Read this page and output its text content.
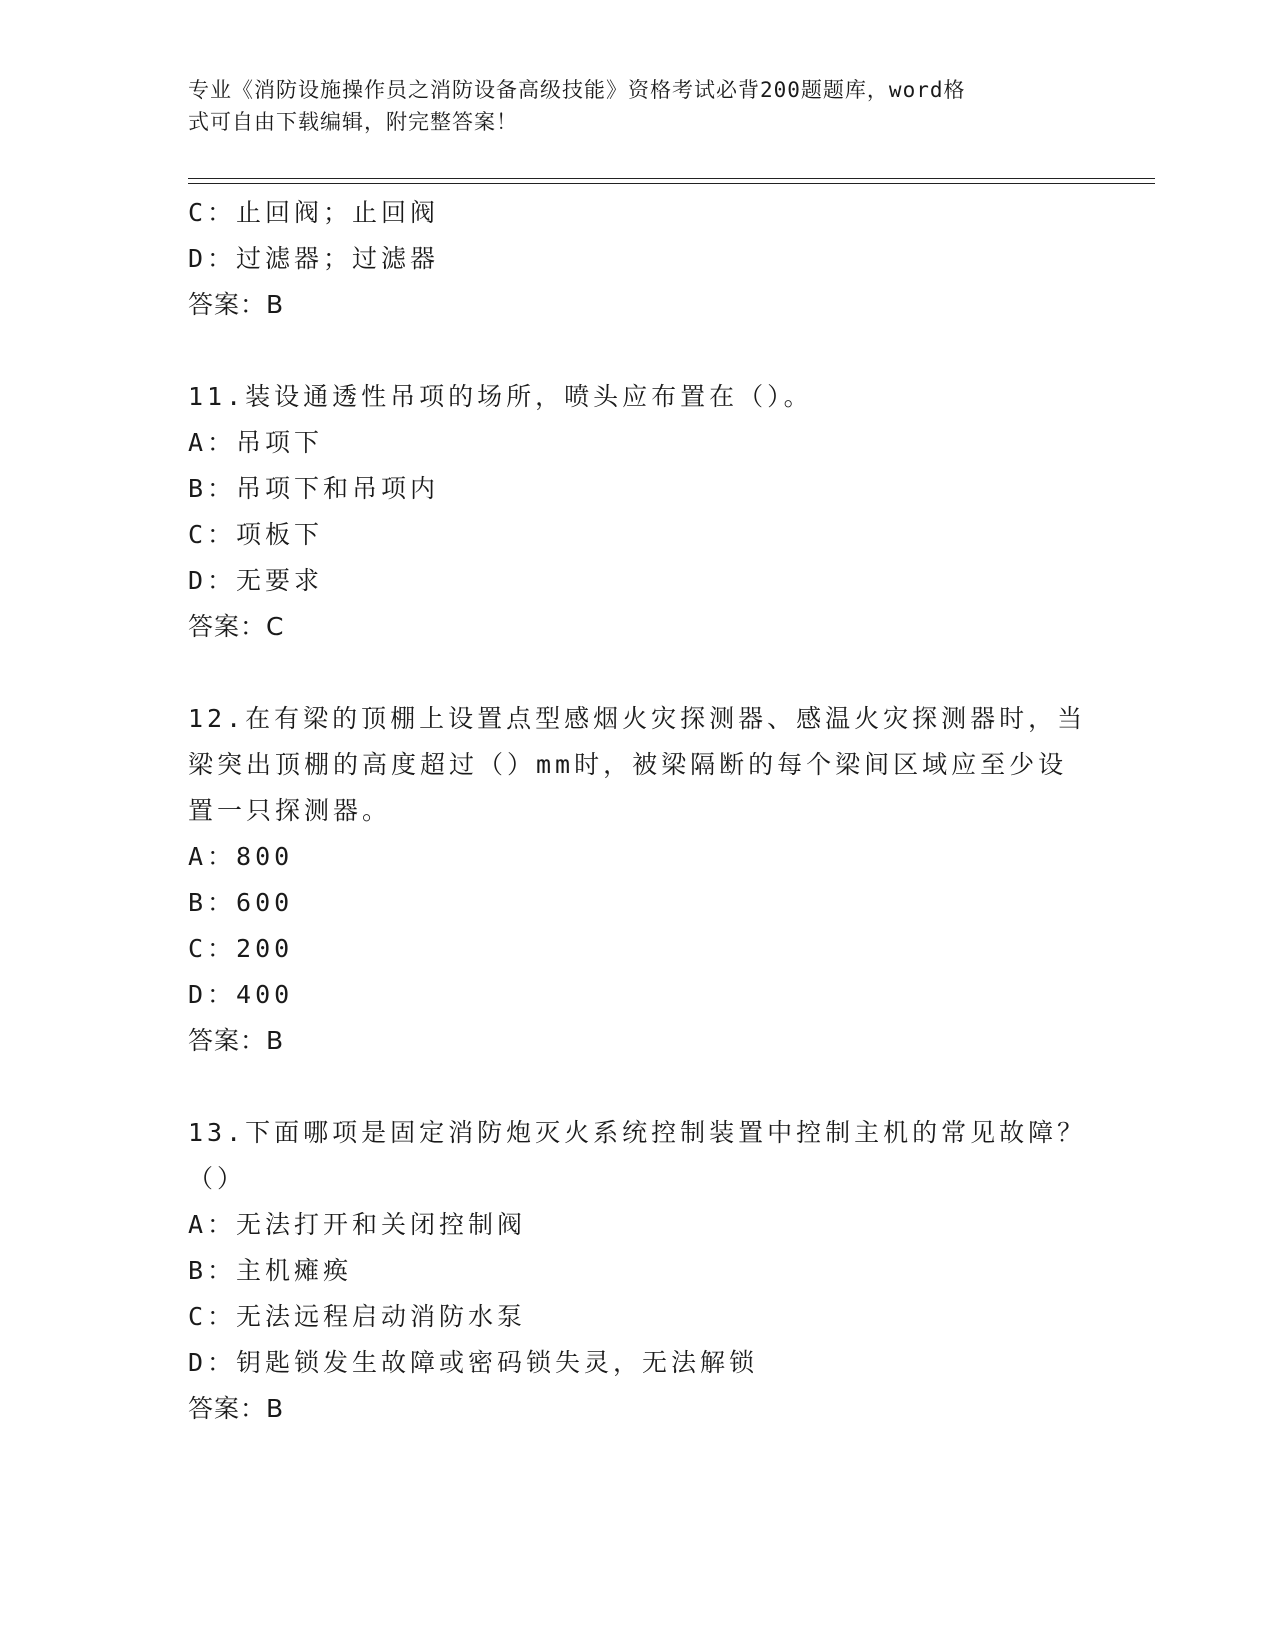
专业《消防设施操作员之消防设备高级技能》资格考试必背200题题库，word格
式可自由下载编辑，附完整答案！
C：止回阀；止回阀
D：过滤器；过滤器
答案：B
11.装设通透性吊项的场所，喷头应布置在（）。
A：吊项下
B：吊项下和吊项内
C：项板下
D：无要求
答案：C
12.在有梁的顶棚上设置点型感烟火灾探测器、感温火灾探测器时，当
梁突出顶棚的高度超过（）mm时，被梁隔断的每个梁间区域应至少设
置一只探测器。
A：800
B：600
C：200
D：400
答案：B
13.下面哪项是固定消防炮灭火系统控制装置中控制主机的常见故障？
（）
A：无法打开和关闭控制阀
B：主机瘫痪
C：无法远程启动消防水泵
D：钥匙锁发生故障或密码锁失灵，无法解锁
答案：B
